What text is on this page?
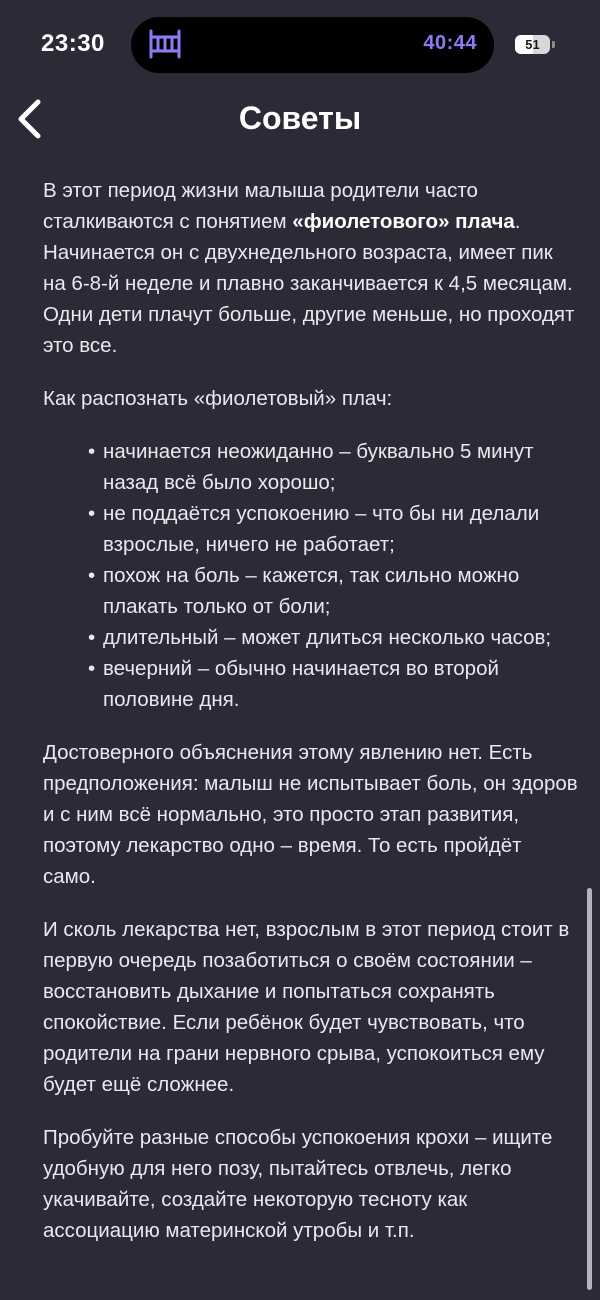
23:30	40:44	51
Советы

В этот период жизни малыша родители часто сталкиваются с понятием «фиолетового» плача. Начинается он с двухнедельного возраста, имеет пик на 6-8-й неделе и плавно заканчивается к 4,5 месяцам. Одни дети плачут больше, другие меньше, но проходят это все.

Как распознать «фиолетовый» плач:

• начинается неожиданно – буквально 5 минут назад всё было хорошо;
• не поддаётся успокоению – что бы ни делали взрослые, ничего не работает;
• похож на боль – кажется, так сильно можно плакать только от боли;
• длительный – может длиться несколько часов;
• вечерний – обычно начинается во второй половине дня.

Достоверного объяснения этому явлению нет. Есть предположения: малыш не испытывает боль, он здоров и с ним всё нормально, это просто этап развития, поэтому лекарство одно – время. То есть пройдёт само.

И сколь лекарства нет, взрослым в этот период стоит в первую очередь позаботиться о своём состоянии – восстановить дыхание и попытаться сохранять спокойствие. Если ребёнок будет чувствовать, что родители на грани нервного срыва, успокоиться ему будет ещё сложнее.

Пробуйте разные способы успокоения крохи – ищите удобную для него позу, пытайтесь отвлечь, легко укачивайте, создайте некоторую тесноту как ассоциацию материнской утробы и т.п.
